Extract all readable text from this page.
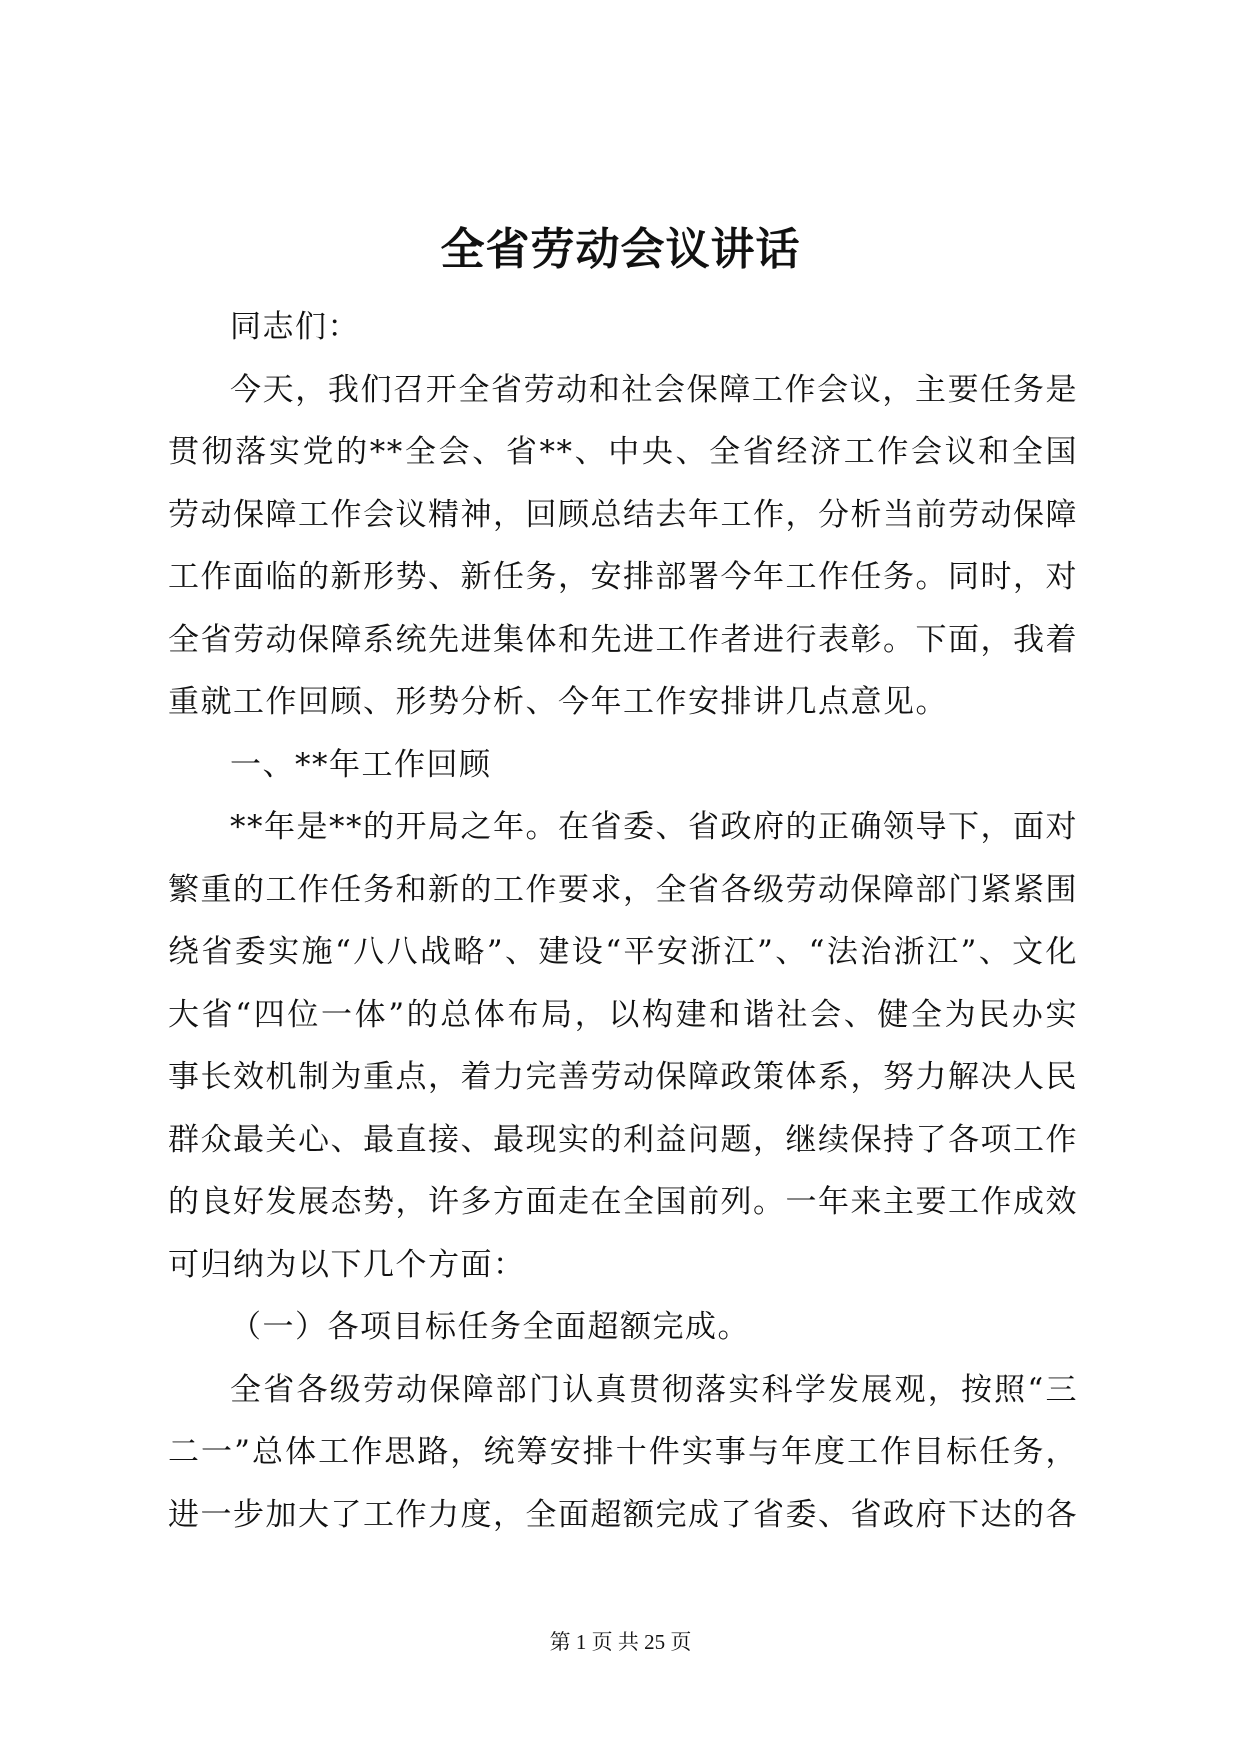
全省劳动会议讲话

同志们：

今天，我们召开全省劳动和社会保障工作会议，主要任务是贯彻落实党的**全会、省**、中央、全省经济工作会议和全国劳动保障工作会议精神，回顾总结去年工作，分析当前劳动保障工作面临的新形势、新任务，安排部署今年工作任务。同时，对全省劳动保障系统先进集体和先进工作者进行表彰。下面，我着重就工作回顾、形势分析、今年工作安排讲几点意见。

一、**年工作回顾

**年是**的开局之年。在省委、省政府的正确领导下，面对繁重的工作任务和新的工作要求，全省各级劳动保障部门紧紧围绕省委实施“八八战略”、建设“平安浙江”、“法治浙江”、文化大省“四位一体”的总体布局，以构建和谐社会、健全为民办实事长效机制为重点，着力完善劳动保障政策体系，努力解决人民群众最关心、最直接、最现实的利益问题，继续保持了各项工作的良好发展态势，许多方面走在全国前列。一年来主要工作成效可归纳为以下几个方面：

（一）各项目标任务全面超额完成。

全省各级劳动保障部门认真贯彻落实科学发展观，按照“三二一”总体工作思路，统筹安排十件实事与年度工作目标任务，进一步加大了工作力度，全面超额完成了省委、省政府下达的各

第 1 页 共 25 页
